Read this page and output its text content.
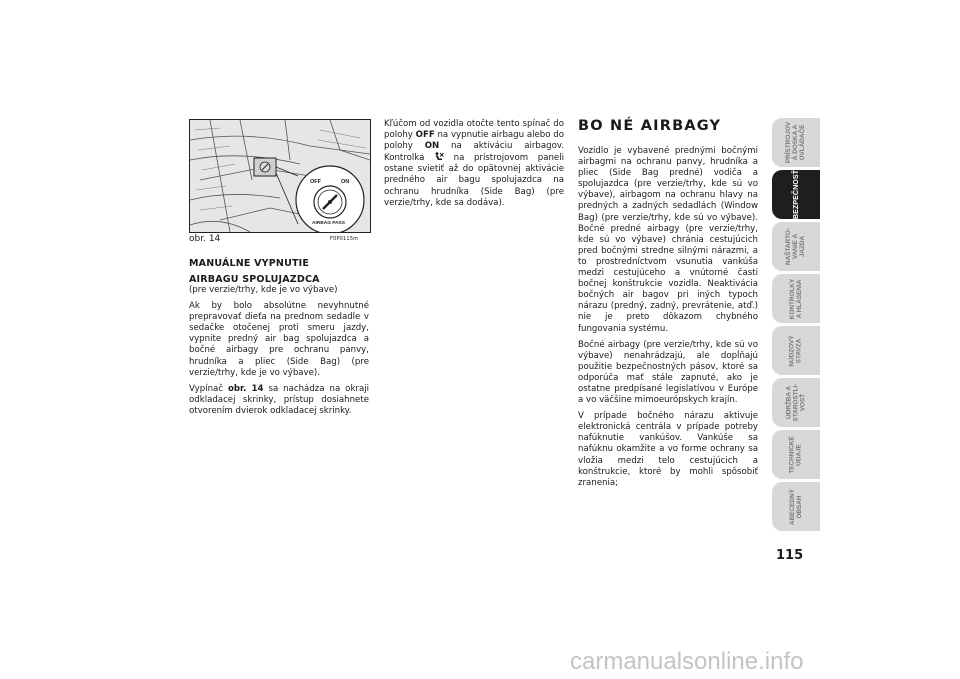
OFF	ON
AIRBAG PASS
obr. 14	F0P0115m

MANUÁLNE VYPNUTIE

AIRBAGU SPOLUJAZDCA

(pre verzie/trhy, kde je vo výbave)

Ak by bolo absolútne nevyhnutné prepravovať dieťa na prednom sedadle v sedačke otočenej proti smeru jazdy, vypnite predný air bag spolujazdca a bočné airbagy pre ochranu panvy, hrudníka a pliec (Side Bag) (pre verzie/trhy, kde je vo výbave).

Vypínač obr. 14 sa nachádza na okraji odkladacej skrinky, prístup dosiahnete otvorením dvierok odkladacej skrinky.

Kľúčom od vozidla otočte tento spínač do polohy OFF na vypnutie airbagu alebo do polohy ON na aktiváciu airbagov. Kontrolka  na prístrojovom paneli ostane svietiť až do opätovnej aktivácie predného air bagu spolujazdca na ochranu hrudníka (Side Bag) (pre verzie/trhy, kde sa dodáva).

BO NÉ AIRBAGY

Vozidlo je vybavené prednými bočnými airbagmi na ochranu panvy, hrudníka a pliec (Side Bag predné) vodiča a spolujazdca (pre verzie/trhy, kde sú vo výbave), airbagom na ochranu hlavy na predných a zadných sedadlách (Window Bag) (pre verzie/trhy, kde sú vo výbave). Bočné predné airbagy (pre verzie/trhy, kde sú vo výbave) chránia cestujúcich pred bočnými stredne silnými nárazmi, a to prostredníctvom vsunutia vankúša medzi cestujúceho a vnútorné časti bočnej konštrukcie vozidla. Neaktivácia bočných air bagov pri iných typoch nárazu (predný, zadný, prevrátenie, atď.) nie je preto dôkazom chybného fungovania systému.

Bočné airbagy (pre verzie/trhy, kde sú vo výbave) nenahrádzajú, ale dopĺňajú použitie bezpečnostných pásov, ktoré sa odporúča mať stále zapnuté, ako je ostatne predpísané legislatívou v Európe a vo väčšine mimoeurópskych krajín.

V prípade bočného nárazu aktivuje elektronická centrála v prípade potreby nafúknutie vankúšov. Vankúše sa nafúknu okamžite a vo forme ochrany sa vložia medzi telo cestujúcich a konštrukcie, ktoré by mohli spôsobiť zranenia;

PRÍSTROJOV
Á DOSKA A
OVLÁDAČE
BEZPEČNOSŤ
NAŠTARTO-
VANIE A
JAZDA
KONTROLKY
A HLÁSENIA
NÚDZOVÝ
STAVZA
ÚDRŽBA A
STAROSTLI-
VOSŤ
TECHNICKÉ
ÚDAJE
ABECEDNÝ
OBSAH
115
carmanualsonline.info
